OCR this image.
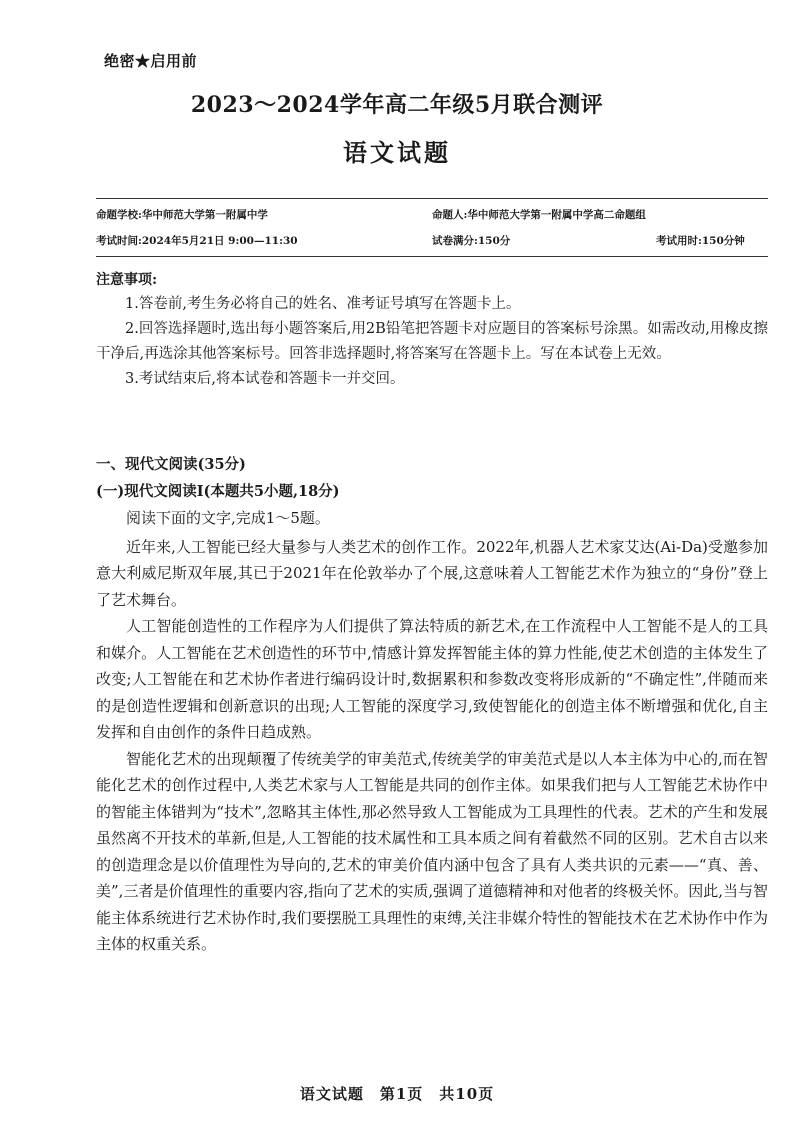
绝密★启用前
2023～2024学年高二年级5月联合测评
语文试题
命题学校:华中师范大学第一附属中学	命题人:华中师范大学第一附属中学高二命题组
考试时间:2024年5月21日 9:00—11:30	试卷满分:150分	考试用时:150分钟
注意事项:

1.答卷前,考生务必将自己的姓名、准考证号填写在答题卡上。

2.回答选择题时,选出每小题答案后,用2B铅笔把答题卡对应题目的答案标号涂黑。如需改动,用橡皮擦干净后,再选涂其他答案标号。回答非选择题时,将答案写在答题卡上。写在本试卷上无效。

3.考试结束后,将本试卷和答题卡一并交回。

一、现代文阅读(35分)
(一)现代文阅读Ⅰ(本题共5小题,18分)

阅读下面的文字,完成1～5题。

近年来,人工智能已经大量参与人类艺术的创作工作。2022年,机器人艺术家艾达(Ai-Da)受邀参加意大利威尼斯双年展,其已于2021年在伦敦举办了个展,这意味着人工智能艺术作为独立的“身份”登上了艺术舞台。

人工智能创造性的工作程序为人们提供了算法特质的新艺术,在工作流程中人工智能不是人的工具和媒介。人工智能在艺术创造性的环节中,情感计算发挥智能主体的算力性能,使艺术创造的主体发生了改变;人工智能在和艺术协作者进行编码设计时,数据累积和参数改变将形成新的“不确定性”,伴随而来的是创造性逻辑和创新意识的出现;人工智能的深度学习,致使智能化的创造主体不断增强和优化,自主发挥和自由创作的条件日趋成熟。

智能化艺术的出现颠覆了传统美学的审美范式,传统美学的审美范式是以人本主体为中心的,而在智能化艺术的创作过程中,人类艺术家与人工智能是共同的创作主体。如果我们把与人工智能艺术协作中的智能主体错判为“技术”,忽略其主体性,那必然导致人工智能成为工具理性的代表。艺术的产生和发展虽然离不开技术的革新,但是,人工智能的技术属性和工具本质之间有着截然不同的区别。艺术自古以来的创造理念是以价值理性为导向的,艺术的审美价值内涵中包含了具有人类共识的元素——“真、善、美”,三者是价值理性的重要内容,指向了艺术的实质,强调了道德精神和对他者的终极关怀。因此,当与智能主体系统进行艺术协作时,我们要摆脱工具理性的束缚,关注非媒介特性的智能技术在艺术协作中作为主体的权重关系。

语文试题　第1页　共10页
